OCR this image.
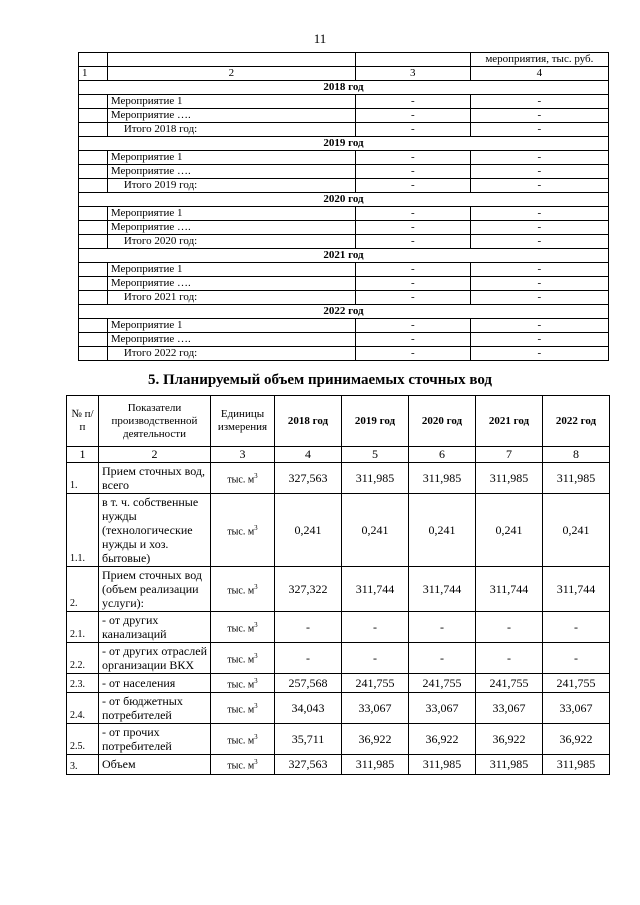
11
			мероприятия, тыс. руб.
1	2	3	4
2018 год			
	Мероприятие 1	-	-
	Мероприятие ….	-	-
	Итого 2018 год:	-	-
2019 год			
	Мероприятие 1	-	-
	Мероприятие ….	-	-
	Итого 2019 год:	-	-
2020 год			
	Мероприятие 1	-	-
	Мероприятие ….	-	-
	Итого 2020 год:	-	-
2021 год			
	Мероприятие 1	-	-
	Мероприятие ….	-	-
	Итого 2021 год:	-	-
2022 год			
	Мероприятие 1	-	-
	Мероприятие ….	-	-
	Итого 2022 год:	-	-
5. Планируемый объем принимаемых сточных вод
№ п/п	Показатели производственной деятельности	Единицы измерения	2018 год	2019 год	2020 год	2021 год	2022 год
1	2	3	4	5	6	7	8
1.	Прием сточных вод, всего	тыс. $м^3$	327,563	311,985	311,985	311,985	311,985
1.1.	в т. ч. собственные нужды (технологические нужды и хоз. бытовые)	тыс. $м^3$	0,241	0,241	0,241	0,241	0,241
2.	Прием сточных вод (объем реализации услуги):	тыс. $м^3$	327,322	311,744	311,744	311,744	311,744
2.1.	- от других канализаций	тыс. $м^3$	-	-	-	-	-
2.2.	- от других отраслей организации ВКХ	тыс. $м^3$	-	-	-	-	-
2.3.	- от населения	тыс. $м^3$	257,568	241,755	241,755	241,755	241,755
2.4.	- от бюджетных потребителей	тыс. $м^3$	34,043	33,067	33,067	33,067	33,067
2.5.	- от прочих потребителей	тыс. $м^3$	35,711	36,922	36,922	36,922	36,922
3.	Объем	тыс. $м^3$	327,563	311,985	311,985	311,985	311,985
